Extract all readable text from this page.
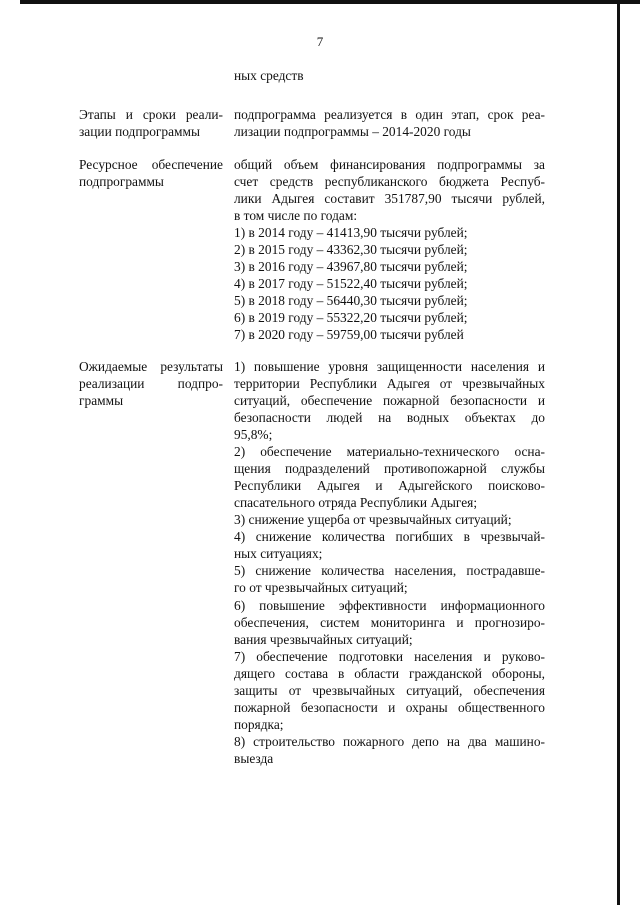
7
ных средств
Этапы и сроки реали-
зации подпрограммы
подпрограмма реализуется в один этап, срок реа-
лизации подпрограммы – 2014-2020 годы
Ресурсное обеспечение
подпрограммы
общий объем финансирования подпрограммы за
счет средств республиканского бюджета Респуб-
лики Адыгея составит 351787,90 тысячи рублей,
в том числе по годам:
1) в 2014 году – 41413,90 тысячи рублей;
2) в 2015 году – 43362,30 тысячи рублей;
3) в 2016 году – 43967,80 тысячи рублей;
4) в 2017 году – 51522,40 тысячи рублей;
5) в 2018 году – 56440,30 тысячи рублей;
6) в 2019 году – 55322,20 тысячи рублей;
7) в 2020 году – 59759,00 тысячи рублей
Ожидаемые результаты
реализации подпро-
граммы
1) повышение уровня защищенности населения и
территории Республики Адыгея от чрезвычайных
ситуаций, обеспечение пожарной безопасности и
безопасности людей на водных объектах до
95,8%;
2) обеспечение материально-технического осна-
щения подразделений противопожарной службы
Республики Адыгея и Адыгейского поисково-
спасательного отряда Республики Адыгея;
3) снижение ущерба от чрезвычайных ситуаций;
4) снижение количества погибших в чрезвычай-
ных ситуациях;
5) снижение количества населения, пострадавше-
го от чрезвычайных ситуаций;
6) повышение эффективности информационного
обеспечения, систем мониторинга и прогнозиро-
вания чрезвычайных ситуаций;
7) обеспечение подготовки населения и руково-
дящего состава в области гражданской обороны,
защиты от чрезвычайных ситуаций, обеспечения
пожарной безопасности и охраны общественного
порядка;
8) строительство пожарного депо на два машино-
выезда
